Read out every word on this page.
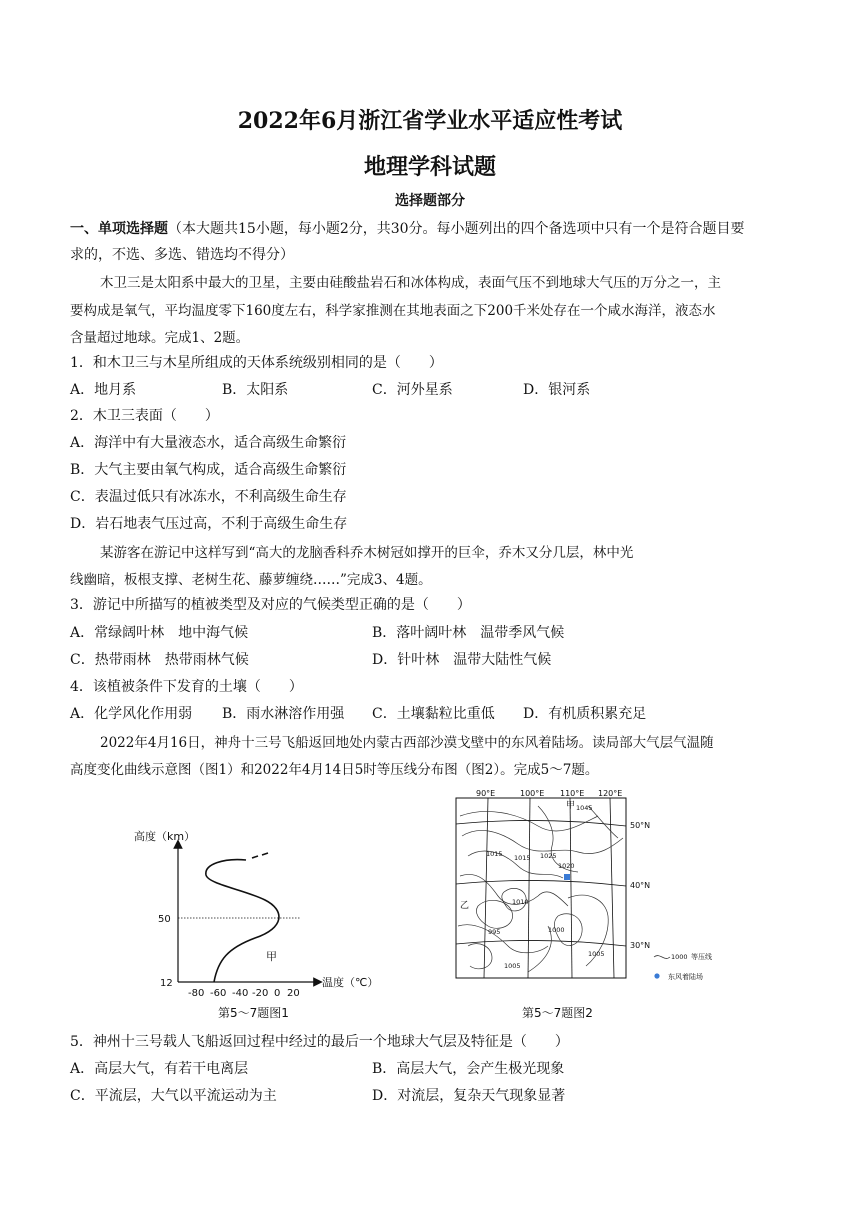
2022年6月浙江省学业水平适应性考试
地理学科试题
选择题部分
一、单项选择题（本大题共15小题，每小题2分，共30分。每小题列出的四个备选项中只有一个是符合题目要
求的，不选、多选、错选均不得分）
木卫三是太阳系中最大的卫星，主要由硅酸盐岩石和冰体构成，表面气压不到地球大气压的万分之一，主
要构成是氧气，平均温度零下160度左右，科学家推测在其地表面之下200千米处存在一个咸水海洋，液态水
含量超过地球。完成1、2题。
1．和木卫三与木星所组成的天体系统级别相同的是（　　）
A．地月系	B．太阳系	C．河外星系	D．银河系
2．木卫三表面（　　）
A．海洋中有大量液态水，适合高级生命繁衍
B．大气主要由氧气构成，适合高级生命繁衍
C．表温过低只有冰冻水，不利高级生命生存
D．岩石地表气压过高，不利于高级生命生存
某游客在游记中这样写到“高大的龙脑香科乔木树冠如撑开的巨伞，乔木又分几层，林中光
线幽暗，板根支撑、老树生花、藤萝缠绕……”完成3、4题。
3．游记中所描写的植被类型及对应的气候类型正确的是（　　）
A．常绿阔叶林　地中海气候	B．落叶阔叶林　温带季风气候
C．热带雨林　热带雨林气候	D．针叶林　温带大陆性气候
4．该植被条件下发育的土壤（　　）
A．化学风化作用弱 B．雨水淋溶作用强 C．土壤黏粒比重低 D．有机质积累充足
2022年4月16日，神舟十三号飞船返回地处内蒙古西部沙漠戈壁中的东风着陆场。读局部大气层气温随
高度变化曲线示意图（图1）和2022年4月14日5时等压线分布图（图2）。完成5～7题。
高度（km）
温度（℃）
50
12
甲
-80 -60 -40 -20 0 20
第5～7题图1
90°E	100°E 110°E 120°E
50°N
40°N
30°N
1045
1015 1015 1025
1020
1010
1000
995
1005
1005
甲
乙
1000 等压线
东风着陆场
第5～7题图2
5．神州十三号载人飞船返回过程中经过的最后一个地球大气层及特征是（　　）
A．高层大气，有若干电离层	B．高层大气，会产生极光现象
C．平流层，大气以平流运动为主	D．对流层，复杂天气现象显著
